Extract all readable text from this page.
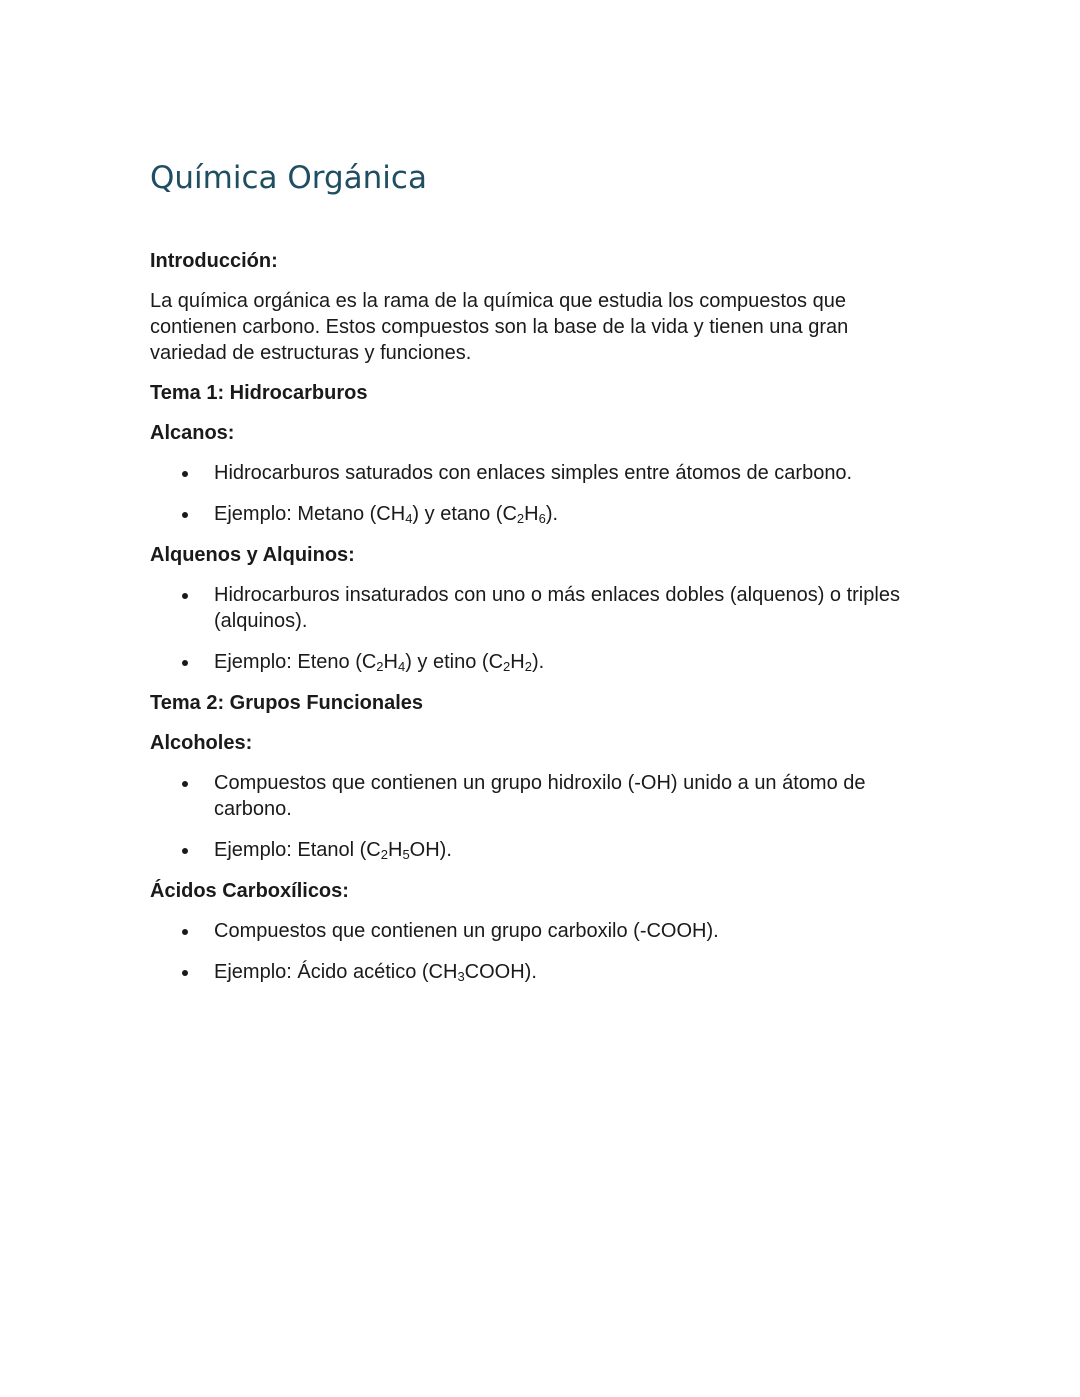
Química Orgánica

Introducción:

La química orgánica es la rama de la química que estudia los compuestos que contienen carbono. Estos compuestos son la base de la vida y tienen una gran variedad de estructuras y funciones.

Tema 1: Hidrocarburos

Alcanos:

Hidrocarburos saturados con enlaces simples entre átomos de carbono.
Ejemplo: Metano $(CH_4)$ y etano $(C_2H_6)$.

Alquenos y Alquinos:

Hidrocarburos insaturados con uno o más enlaces dobles (alquenos) o triples (alquinos).
Ejemplo: Eteno $(C_2H_4)$ y etino $(C_2H_2)$.

Tema 2: Grupos Funcionales

Alcoholes:

Compuestos que contienen un grupo hidroxilo (-OH) unido a un átomo de carbono.
Ejemplo: Etanol $(C_2H_5OH)$.

Ácidos Carboxílicos:

Compuestos que contienen un grupo carboxilo (-COOH).
Ejemplo: Ácido acético $(CH_3COOH)$.
